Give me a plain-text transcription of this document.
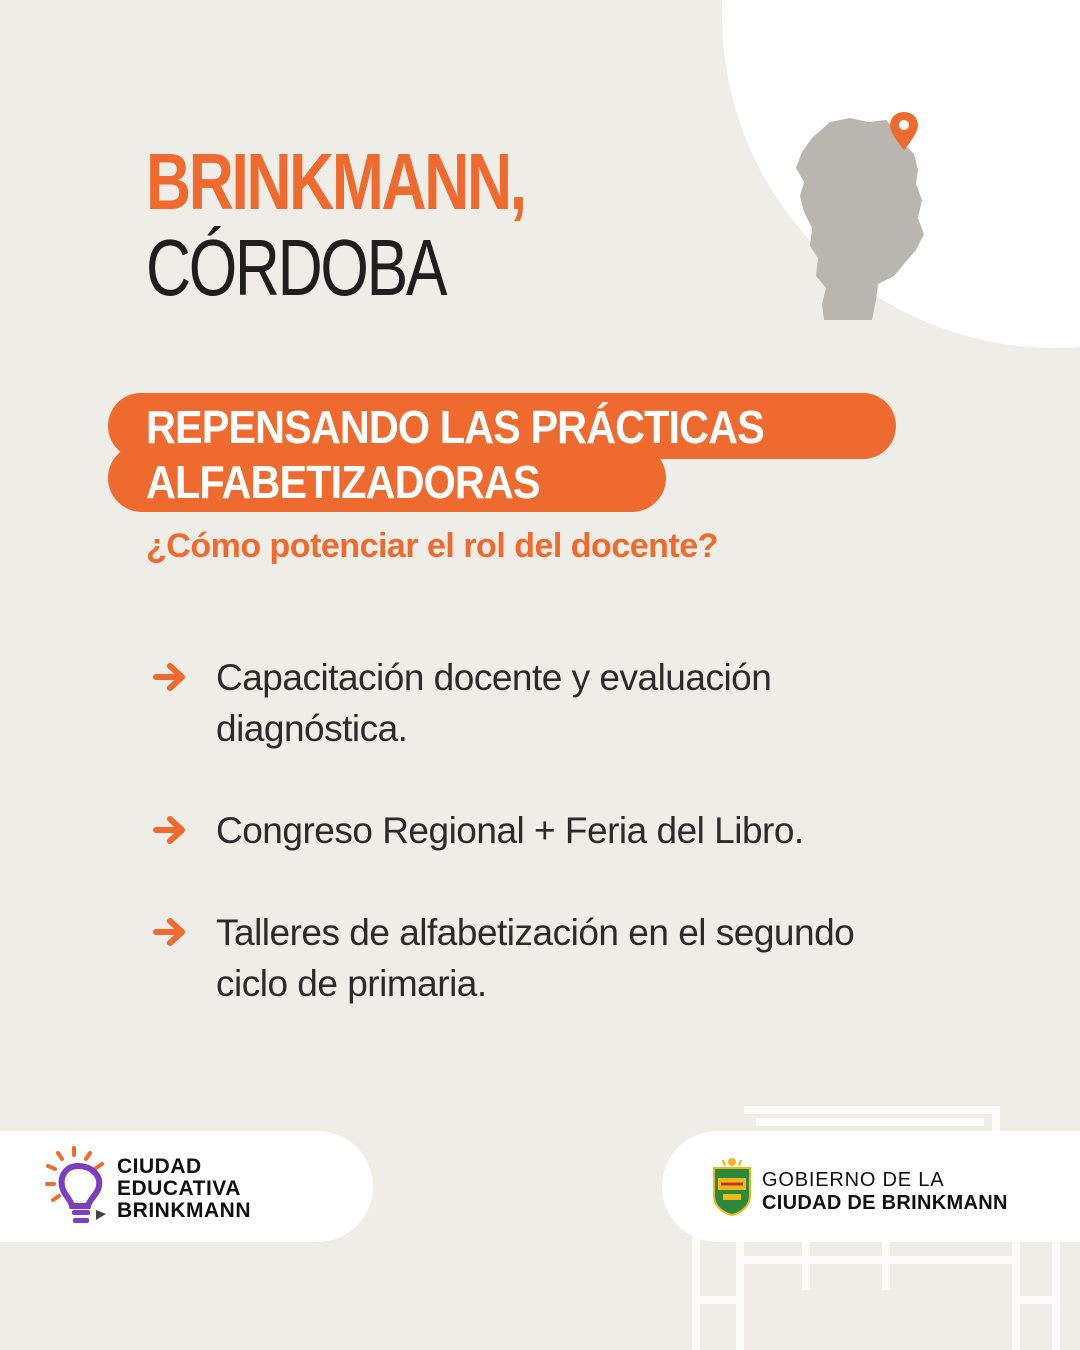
BRINKMANN,
CÓRDOBA
REPENSANDO LAS PRÁCTICAS
ALFABETIZADORAS
¿Cómo potenciar el rol del docente?
Capacitación docente y evaluación
diagnóstica.
Congreso Regional + Feria del Libro.
Talleres de alfabetización en el segundo
ciclo de primaria.
CIUDAD
EDUCATIVA
BRINKMANN
GOBIERNO DE LA
CIUDAD DE BRINKMANN
